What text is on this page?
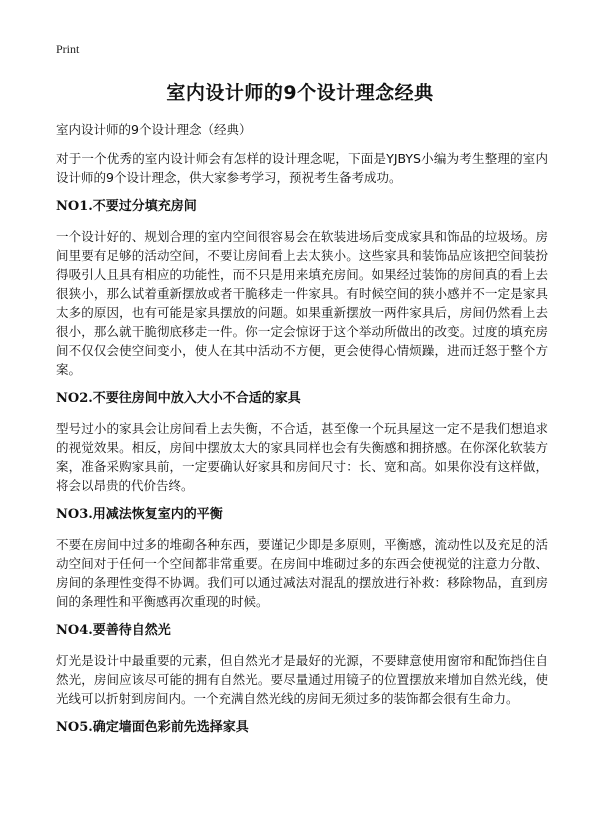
Print
室内设计师的9个设计理念经典

室内设计师的9个设计理念（经典）

对于一个优秀的室内设计师会有怎样的设计理念呢，下面是YJBYS小编为考生整理的室内设计师的9个设计理念，供大家参考学习，预祝考生备考成功。

NO1.不要过分填充房间

一个设计好的、规划合理的室内空间很容易会在软装进场后变成家具和饰品的垃圾场。房间里要有足够的活动空间，不要让房间看上去太狭小。这些家具和装饰品应该把空间装扮得吸引人且具有相应的功能性，而不只是用来填充房间。如果经过装饰的房间真的看上去很狭小，那么试着重新摆放或者干脆移走一件家具。有时候空间的狭小感并不一定是家具太多的原因，也有可能是家具摆放的问题。如果重新摆放一两件家具后，房间仍然看上去很小，那么就干脆彻底移走一件。你一定会惊讶于这个举动所做出的改变。过度的填充房间不仅仅会使空间变小，使人在其中活动不方便，更会使得心情烦躁，进而迁怒于整个方案。

NO2.不要往房间中放入大小不合适的家具

型号过小的家具会让房间看上去失衡，不合适，甚至像一个玩具屋这一定不是我们想追求的视觉效果。相反，房间中摆放太大的家具同样也会有失衡感和拥挤感。在你深化软装方案，准备采购家具前，一定要确认好家具和房间尺寸：长、宽和高。如果你没有这样做，将会以昂贵的代价告终。

NO3.用减法恢复室内的平衡

不要在房间中过多的堆砌各种东西，要谨记少即是多原则，平衡感，流动性以及充足的活动空间对于任何一个空间都非常重要。在房间中堆砌过多的东西会使视觉的注意力分散、房间的条理性变得不协调。我们可以通过减法对混乱的摆放进行补救：移除物品，直到房间的条理性和平衡感再次重现的时候。

NO4.要善待自然光

灯光是设计中最重要的元素，但自然光才是最好的光源，不要肆意使用窗帘和配饰挡住自然光，房间应该尽可能的拥有自然光。要尽量通过用镜子的位置摆放来增加自然光线，使光线可以折射到房间内。一个充满自然光线的房间无须过多的装饰都会很有生命力。

NO5.确定墙面色彩前先选择家具
